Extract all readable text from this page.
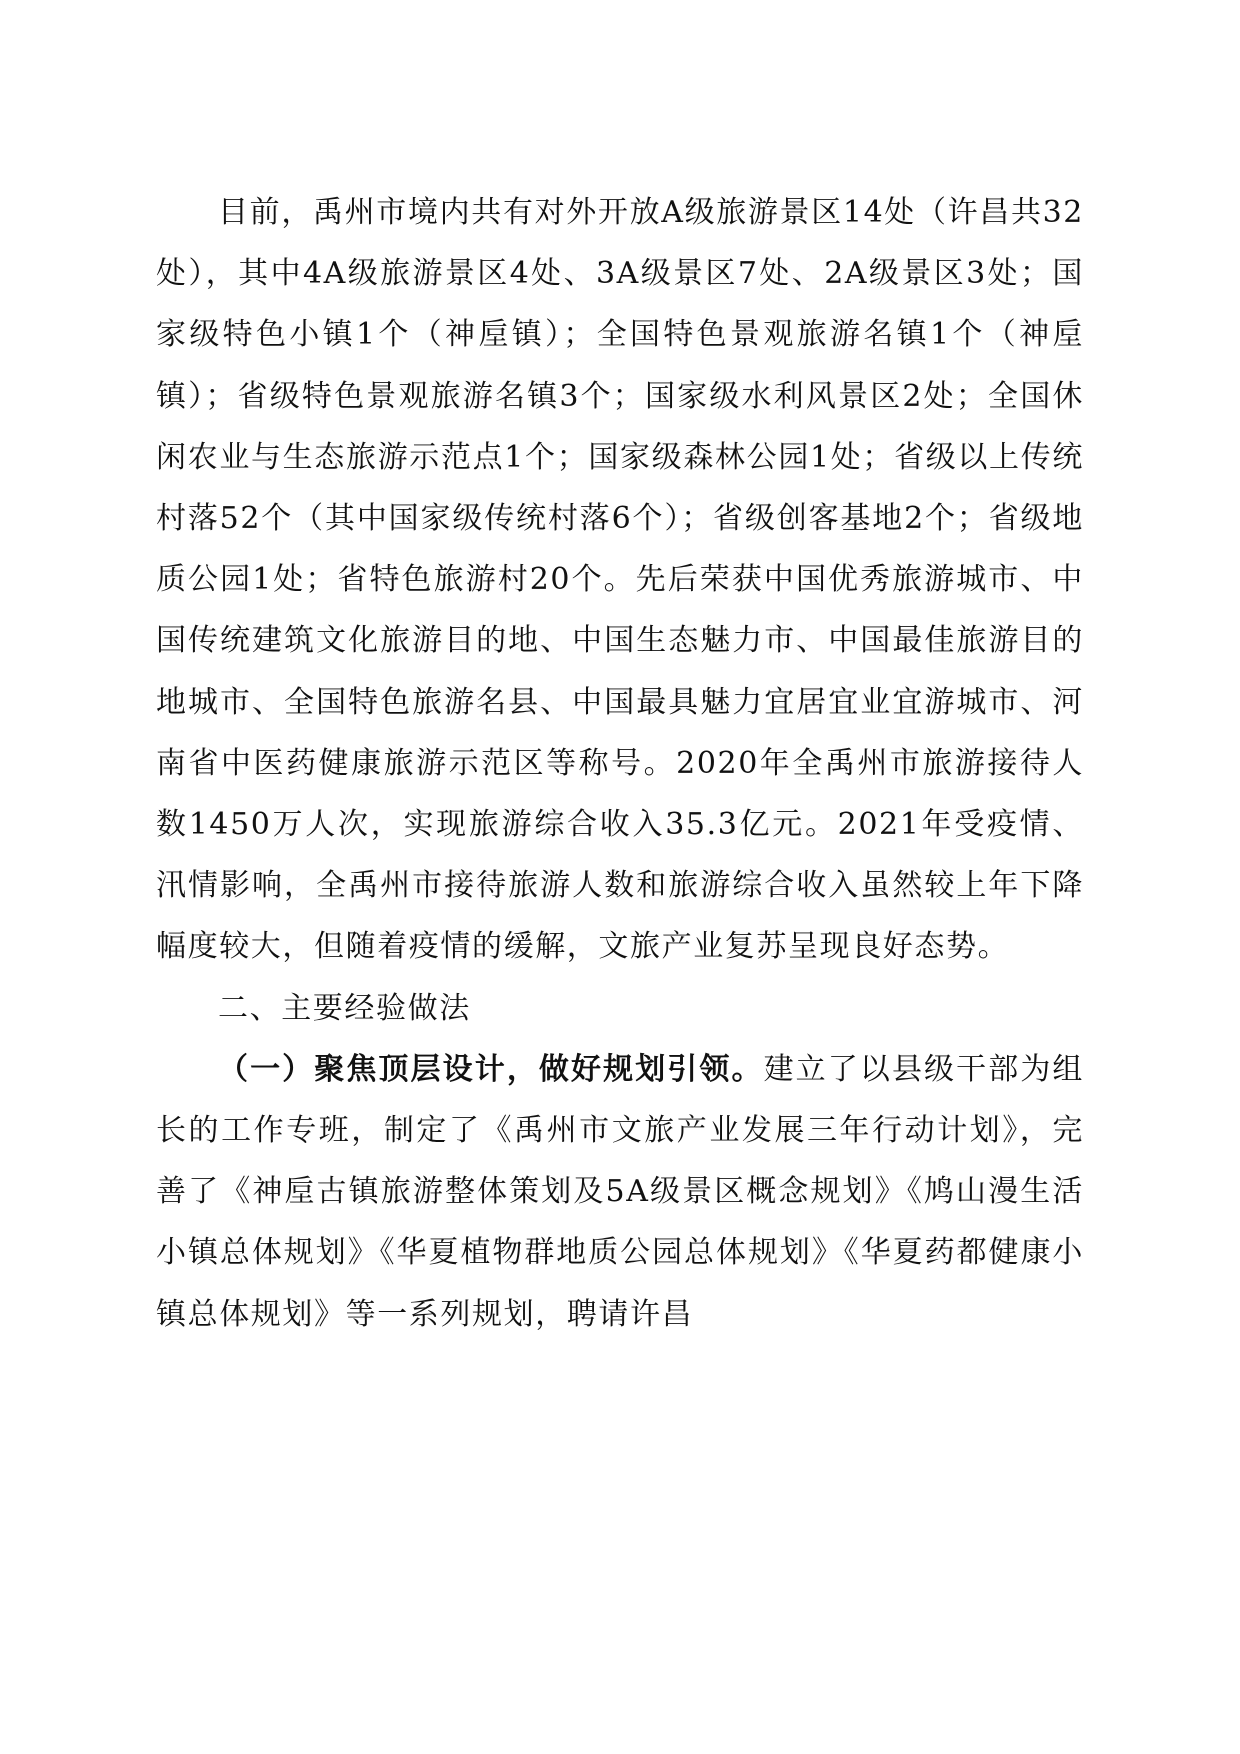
目前，禹州市境内共有对外开放A级旅游景区14处（许昌共32处），其中4A级旅游景区4处、3A级景区7处、2A级景区3处；国家级特色小镇1个（神垕镇）；全国特色景观旅游名镇1个（神垕镇）；省级特色景观旅游名镇3个；国家级水利风景区2处；全国休闲农业与生态旅游示范点1个；国家级森林公园1处；省级以上传统村落52个（其中国家级传统村落6个）；省级创客基地2个；省级地质公园1处；省特色旅游村20个。先后荣获中国优秀旅游城市、中国传统建筑文化旅游目的地、中国生态魅力市、中国最佳旅游目的地城市、全国特色旅游名县、中国最具魅力宜居宜业宜游城市、河南省中医药健康旅游示范区等称号。2020年全禹州市旅游接待人数1450万人次，实现旅游综合收入35.3亿元。2021年受疫情、汛情影响，全禹州市接待旅游人数和旅游综合收入虽然较上年下降幅度较大，但随着疫情的缓解，文旅产业复苏呈现良好态势。

二、主要经验做法

（一）聚焦顶层设计，做好规划引领。建立了以县级干部为组长的工作专班，制定了《禹州市文旅产业发展三年行动计划》，完善了《神垕古镇旅游整体策划及5A级景区概念规划》《鸠山漫生活小镇总体规划》《华夏植物群地质公园总体规划》《华夏药都健康小镇总体规划》等一系列规划，聘请许昌
